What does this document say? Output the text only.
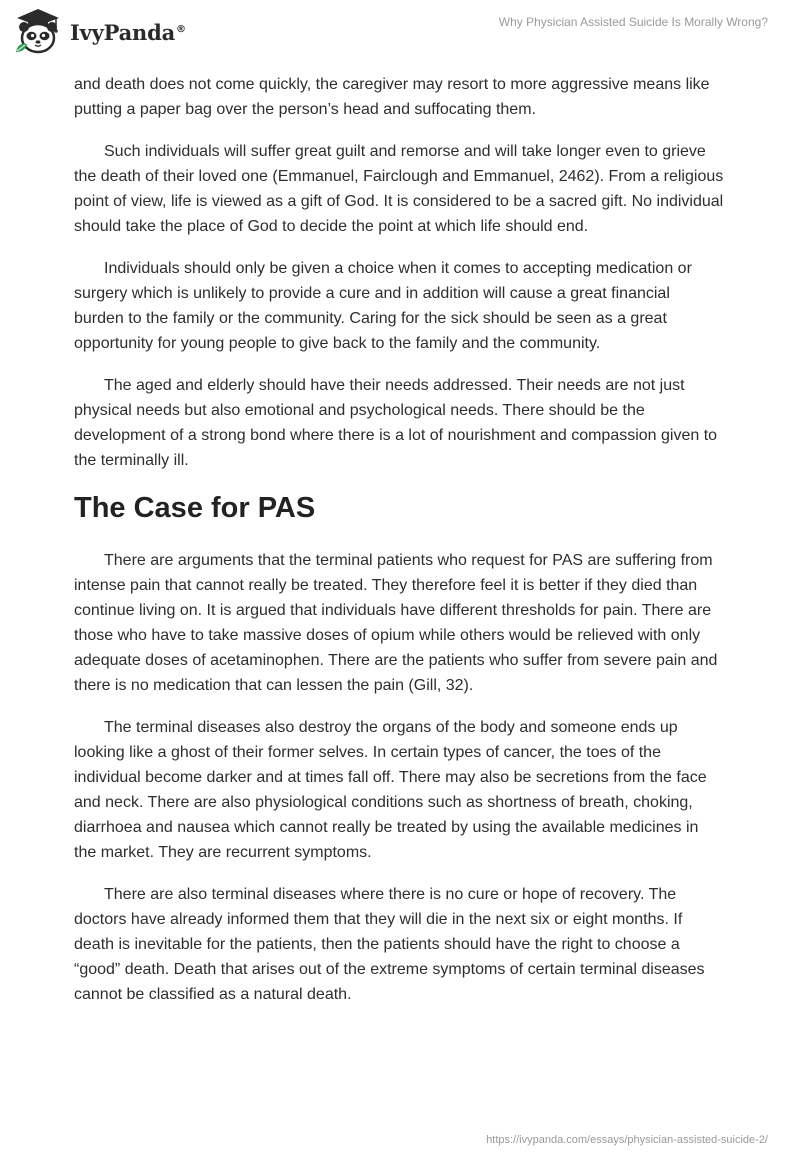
IvyPanda®	Why Physician Assisted Suicide Is Morally Wrong?

and death does not come quickly, the caregiver may resort to more aggressive means like putting a paper bag over the person’s head and suffocating them.

Such individuals will suffer great guilt and remorse and will take longer even to grieve the death of their loved one (Emmanuel, Fairclough and Emmanuel, 2462). From a religious point of view, life is viewed as a gift of God. It is considered to be a sacred gift. No individual should take the place of God to decide the point at which life should end.

Individuals should only be given a choice when it comes to accepting medication or surgery which is unlikely to provide a cure and in addition will cause a great financial burden to the family or the community. Caring for the sick should be seen as a great opportunity for young people to give back to the family and the community.

The aged and elderly should have their needs addressed. Their needs are not just physical needs but also emotional and psychological needs. There should be the development of a strong bond where there is a lot of nourishment and compassion given to the terminally ill.

The Case for PAS

There are arguments that the terminal patients who request for PAS are suffering from intense pain that cannot really be treated. They therefore feel it is better if they died than continue living on. It is argued that individuals have different thresholds for pain. There are those who have to take massive doses of opium while others would be relieved with only adequate doses of acetaminophen. There are the patients who suffer from severe pain and there is no medication that can lessen the pain (Gill, 32).

The terminal diseases also destroy the organs of the body and someone ends up looking like a ghost of their former selves. In certain types of cancer, the toes of the individual become darker and at times fall off. There may also be secretions from the face and neck. There are also physiological conditions such as shortness of breath, choking, diarrhoea and nausea which cannot really be treated by using the available medicines in the market. They are recurrent symptoms.

There are also terminal diseases where there is no cure or hope of recovery. The doctors have already informed them that they will die in the next six or eight months. If death is inevitable for the patients, then the patients should have the right to choose a “good” death. Death that arises out of the extreme symptoms of certain terminal diseases cannot be classified as a natural death.

https://ivypanda.com/essays/physician-assisted-suicide-2/
